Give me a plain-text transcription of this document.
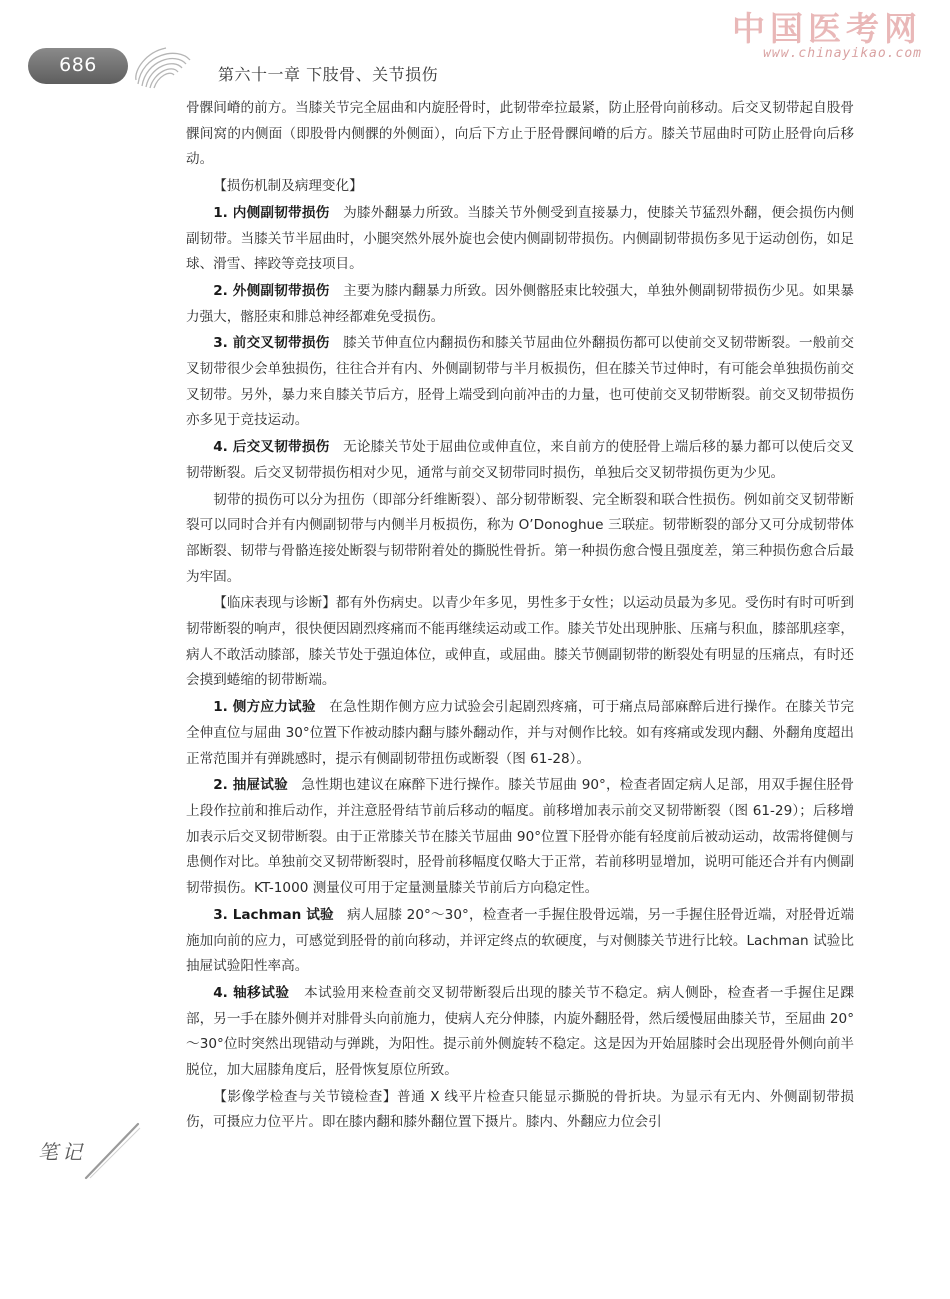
686	第六十一章 下肢骨、关节损伤
中国医考网
www.chinayikao.com

骨髁间嵴的前方。当膝关节完全屈曲和内旋胫骨时，此韧带牵拉最紧，防止胫骨向前移动。后交叉韧带起自股骨髁间窝的内侧面（即股骨内侧髁的外侧面），向后下方止于胫骨髁间嵴的后方。膝关节屈曲时可防止胫骨向后移动。

【损伤机制及病理变化】

1. 内侧副韧带损伤 为膝外翻暴力所致。当膝关节外侧受到直接暴力，使膝关节猛烈外翻，便会损伤内侧副韧带。当膝关节半屈曲时，小腿突然外展外旋也会使内侧副韧带损伤。内侧副韧带损伤多见于运动创伤，如足球、滑雪、摔跤等竞技项目。

2. 外侧副韧带损伤 主要为膝内翻暴力所致。因外侧髂胫束比较强大，单独外侧副韧带损伤少见。如果暴力强大，髂胫束和腓总神经都难免受损伤。

3. 前交叉韧带损伤 膝关节伸直位内翻损伤和膝关节屈曲位外翻损伤都可以使前交叉韧带断裂。一般前交叉韧带很少会单独损伤，往往合并有内、外侧副韧带与半月板损伤，但在膝关节过伸时，有可能会单独损伤前交叉韧带。另外，暴力来自膝关节后方，胫骨上端受到向前冲击的力量，也可使前交叉韧带断裂。前交叉韧带损伤亦多见于竞技运动。

4. 后交叉韧带损伤 无论膝关节处于屈曲位或伸直位，来自前方的使胫骨上端后移的暴力都可以使后交叉韧带断裂。后交叉韧带损伤相对少见，通常与前交叉韧带同时损伤，单独后交叉韧带损伤更为少见。

韧带的损伤可以分为扭伤（即部分纤维断裂）、部分韧带断裂、完全断裂和联合性损伤。例如前交叉韧带断裂可以同时合并有内侧副韧带与内侧半月板损伤，称为 O’Donoghue 三联症。韧带断裂的部分又可分成韧带体部断裂、韧带与骨骼连接处断裂与韧带附着处的撕脱性骨折。第一种损伤愈合慢且强度差，第三种损伤愈合后最为牢固。

【临床表现与诊断】都有外伤病史。以青少年多见，男性多于女性；以运动员最为多见。受伤时有时可听到韧带断裂的响声，很快便因剧烈疼痛而不能再继续运动或工作。膝关节处出现肿胀、压痛与积血，膝部肌痉挛，病人不敢活动膝部，膝关节处于强迫体位，或伸直，或屈曲。膝关节侧副韧带的断裂处有明显的压痛点，有时还会摸到蜷缩的韧带断端。

1. 侧方应力试验 在急性期作侧方应力试验会引起剧烈疼痛，可于痛点局部麻醉后进行操作。在膝关节完全伸直位与屈曲 30°位置下作被动膝内翻与膝外翻动作，并与对侧作比较。如有疼痛或发现内翻、外翻角度超出正常范围并有弹跳感时，提示有侧副韧带扭伤或断裂（图 61-28）。

2. 抽屉试验 急性期也建议在麻醉下进行操作。膝关节屈曲 90°，检查者固定病人足部，用双手握住胫骨上段作拉前和推后动作，并注意胫骨结节前后移动的幅度。前移增加表示前交叉韧带断裂（图 61-29）；后移增加表示后交叉韧带断裂。由于正常膝关节在膝关节屈曲 90°位置下胫骨亦能有轻度前后被动运动，故需将健侧与患侧作对比。单独前交叉韧带断裂时，胫骨前移幅度仅略大于正常，若前移明显增加，说明可能还合并有内侧副韧带损伤。KT-1000 测量仪可用于定量测量膝关节前后方向稳定性。

3. Lachman 试验 病人屈膝 20°～30°，检查者一手握住股骨远端，另一手握住胫骨近端，对胫骨近端施加向前的应力，可感觉到胫骨的前向移动，并评定终点的软硬度，与对侧膝关节进行比较。Lachman 试验比抽屉试验阳性率高。

4. 轴移试验 本试验用来检查前交叉韧带断裂后出现的膝关节不稳定。病人侧卧，检查者一手握住足踝部，另一手在膝外侧并对腓骨头向前施力，使病人充分伸膝，内旋外翻胫骨，然后缓慢屈曲膝关节，至屈曲 20°～30°位时突然出现错动与弹跳，为阳性。提示前外侧旋转不稳定。这是因为开始屈膝时会出现胫骨外侧向前半脱位，加大屈膝角度后，胫骨恢复原位所致。

【影像学检查与关节镜检查】普通 X 线平片检查只能显示撕脱的骨折块。为显示有无内、外侧副韧带损伤，可摄应力位平片。即在膝内翻和膝外翻位置下摄片。膝内、外翻应力位会引

笔记
